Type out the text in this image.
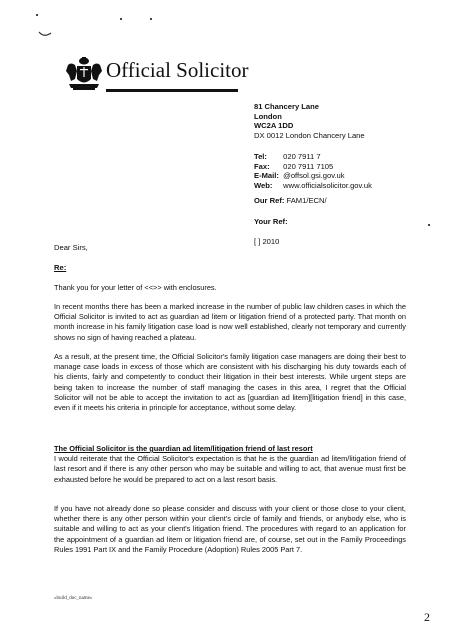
Official Solicitor
81 Chancery Lane
London
WC2A 1DD
DX 0012 London Chancery Lane
Tel: 020 7911 7
Fax: 020 7911 7105
E-Mail: @offsol.gsi.gov.uk
Web: www.officialsolicitor.gov.uk
Our Ref: FAM1/ECN/
Your Ref:
[ ] 2010
Dear Sirs,
Re:
Thank you for your letter of <<>> with enclosures.
In recent months there has been a marked increase in the number of public law children cases in which the Official Solicitor is invited to act as guardian ad litem or litigation friend of a protected party. That month on month increase in his family litigation case load is now well established, clearly not temporary and currently shows no sign of having reached a plateau.
As a result, at the present time, the Official Solicitor's family litigation case managers are doing their best to manage case loads in excess of those which are consistent with his discharging his duty towards each of his clients, fairly and competently to conduct their litigation in their best interests. While urgent steps are being taken to increase the number of staff managing the cases in this area, I regret that the Official Solicitor will not be able to accept the invitation to act as [guardian ad litem][litigation friend] in this case, even if it meets his criteria in principle for acceptance, without some delay.
The Official Solicitor is the guardian ad litem/litigation friend of last resort
I would reiterate that the Official Solicitor's expectation is that he is the guardian ad litem/litigation friend of last resort and if there is any other person who may be suitable and willing to act, that avenue must first be exhausted before he would be prepared to act on a last resort basis.
If you have not already done so please consider and discuss with your client or those close to your client, whether there is any other person within your client's circle of family and friends, or anybody else, who is suitable and willing to act as your client's litigation friend. The procedures with regard to an application for the appointment of a guardian ad litem or litigation friend are, of course, set out in the Family Proceedings Rules 1991 Part IX and the Family Procedure (Adoption) Rules 2005 Part 7.
«build_doc_name»
2
